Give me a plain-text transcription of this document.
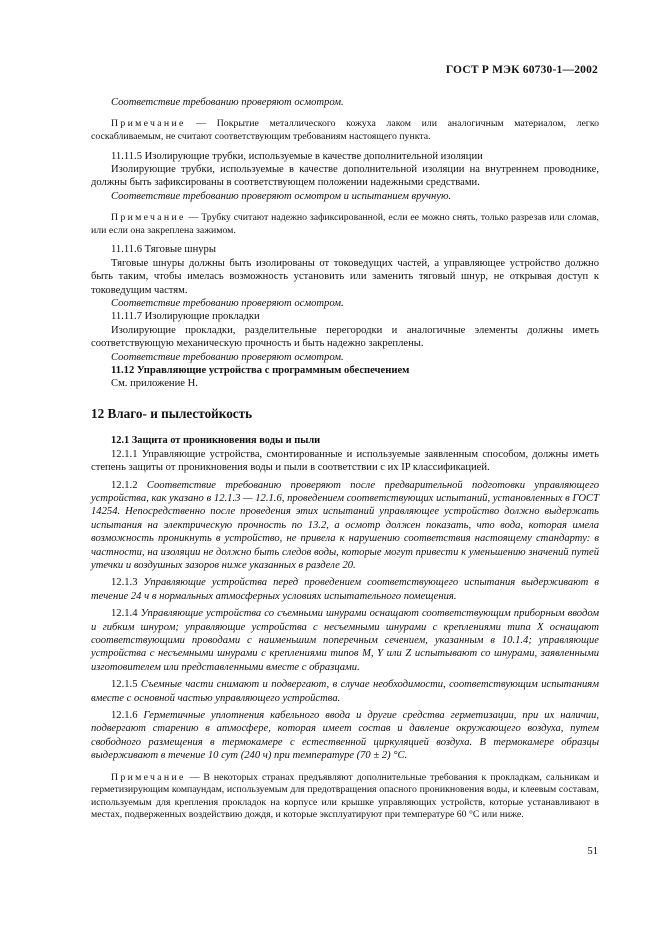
ГОСТ Р МЭК 60730-1—2002

Соответствие требованию проверяют осмотром.

Примечание — Покрытие металлического кожуха лаком или аналогичным материалом, легко соскабливаемым, не считают соответствующим требованиям настоящего пункта.

11.11.5 Изолирующие трубки, используемые в качестве дополнительной изоляции

Изолирующие трубки, используемые в качестве дополнительной изоляции на внутреннем проводнике, должны быть зафиксированы в соответствующем положении надежными средствами.

Соответствие требованию проверяют осмотром и испытанием вручную.

Примечание — Трубку считают надежно зафиксированной, если ее можно снять, только разрезав или сломав, или если она закреплена зажимом.

11.11.6 Тяговые шнуры

Тяговые шнуры должны быть изолированы от токоведущих частей, а управляющее устройство должно быть таким, чтобы имелась возможность установить или заменить тяговый шнур, не открывая доступ к токоведущим частям.

Соответствие требованию проверяют осмотром.

11.11.7 Изолирующие прокладки

Изолирующие прокладки, разделительные перегородки и аналогичные элементы должны иметь соответствующую механическую прочность и быть надежно закреплены.

Соответствие требованию проверяют осмотром.

11.12 Управляющие устройства с программным обеспечением

См. приложение Н.

12 Влаго- и пылестойкость

12.1 Защита от проникновения воды и пыли

12.1.1 Управляющие устройства, смонтированные и используемые заявленным способом, должны иметь степень защиты от проникновения воды и пыли в соответствии с их IP классификацией.

12.1.2 Соответствие требованию проверяют после предварительной подготовки управляющего устройства, как указано в 12.1.3 — 12.1.6, проведением соответствующих испытаний, установленных в ГОСТ 14254. Непосредственно после проведения этих испытаний управляющее устройство должно выдержать испытания на электрическую прочность по 13.2, а осмотр должен показать, что вода, которая имела возможность проникнуть в устройство, не привела к нарушению соответствия настоящему стандарту: в частности, на изоляции не должно быть следов воды, которые могут привести к уменьшению значений путей утечки и воздушных зазоров ниже указанных в разделе 20.

12.1.3 Управляющие устройства перед проведением соответствующего испытания выдерживают в течение 24 ч в нормальных атмосферных условиях испытательного помещения.

12.1.4 Управляющие устройства со съемными шнурами оснащают соответствующим приборным вводом и гибким шнуром; управляющие устройства с несъемными шнурами с креплениями типа X оснащают соответствующими проводами с наименьшим поперечным сечением, указанным в 10.1.4; управляющие устройства с несъемными шнурами с креплениями типов M, Y или Z испытывают со шнурами, заявленными изготовителем или представленными вместе с образцами.

12.1.5 Съемные части снимают и подвергают, в случае необходимости, соответствующим испытаниям вместе с основной частью управляющего устройства.

12.1.6 Герметичные уплотнения кабельного ввода и другие средства герметизации, при их наличии, подвергают старению в атмосфере, которая имеет состав и давление окружающего воздуха, путем свободного размещения в термокамере с естественной циркуляцией воздуха. В термокамере образцы выдерживают в течение 10 сут (240 ч) при температуре (70 ± 2) °С.

Примечание — В некоторых странах предъявляют дополнительные требования к прокладкам, сальникам и герметизирующим компаундам, используемым для предотвращения опасного проникновения воды, и клеевым составам, используемым для крепления прокладок на корпусе или крышке управляющих устройств, которые устанавливают в местах, подверженных воздействию дождя, и которые эксплуатируют при температуре 60 °С или ниже.

51
